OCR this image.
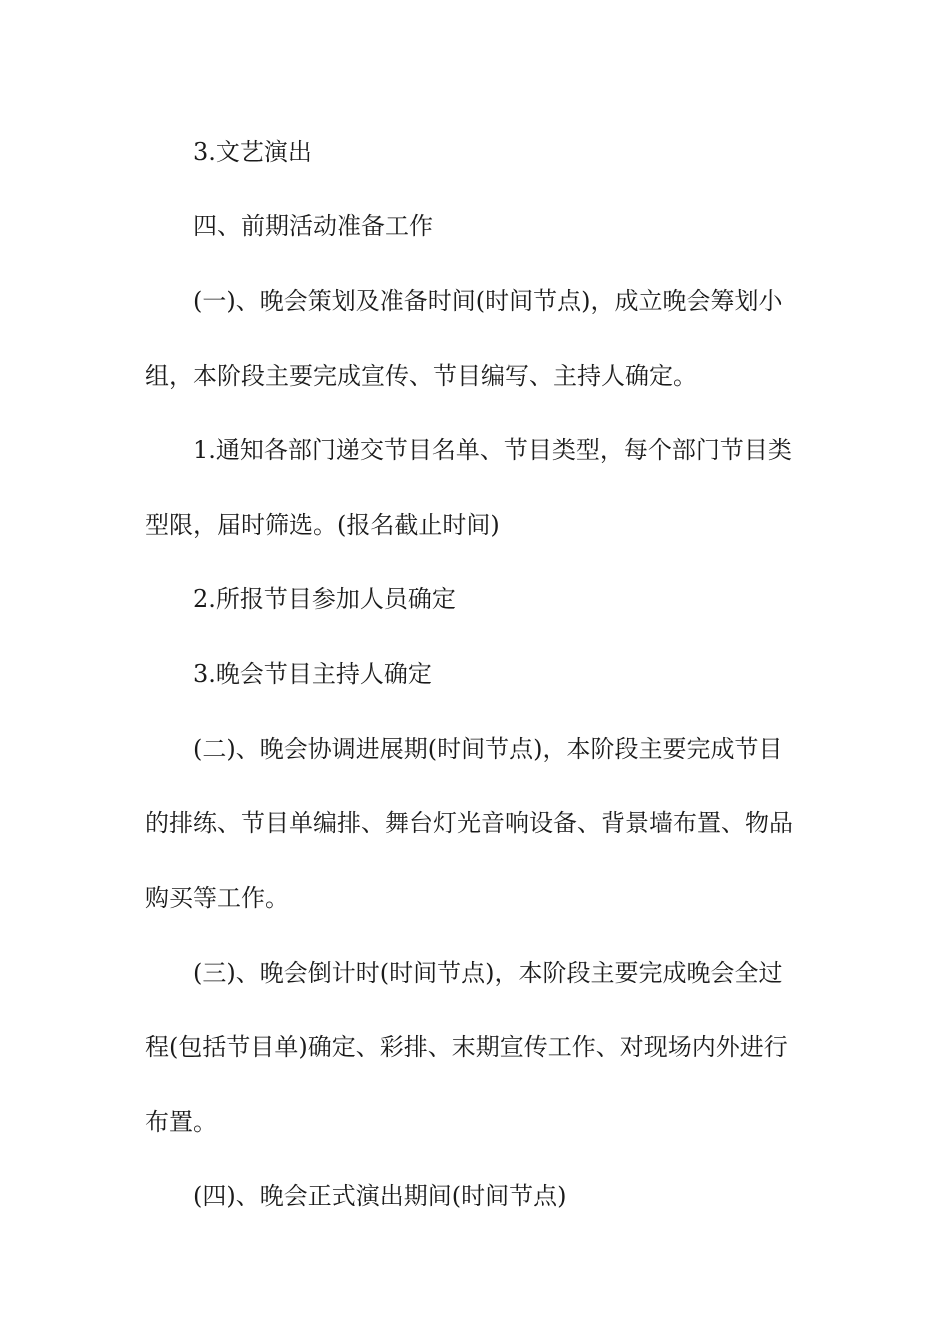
3.文艺演出
四、前期活动准备工作
(一)、晚会策划及准备时间(时间节点)，成立晚会筹划小
组，本阶段主要完成宣传、节目编写、主持人确定。
1.通知各部门递交节目名单、节目类型，每个部门节目类
型限，届时筛选。(报名截止时间)
2.所报节目参加人员确定
3.晚会节目主持人确定
(二)、晚会协调进展期(时间节点)，本阶段主要完成节目
的排练、节目单编排、舞台灯光音响设备、背景墙布置、物品
购买等工作。
(三)、晚会倒计时(时间节点)，本阶段主要完成晚会全过
程(包括节目单)确定、彩排、末期宣传工作、对现场内外进行
布置。
(四)、晚会正式演出期间(时间节点)
